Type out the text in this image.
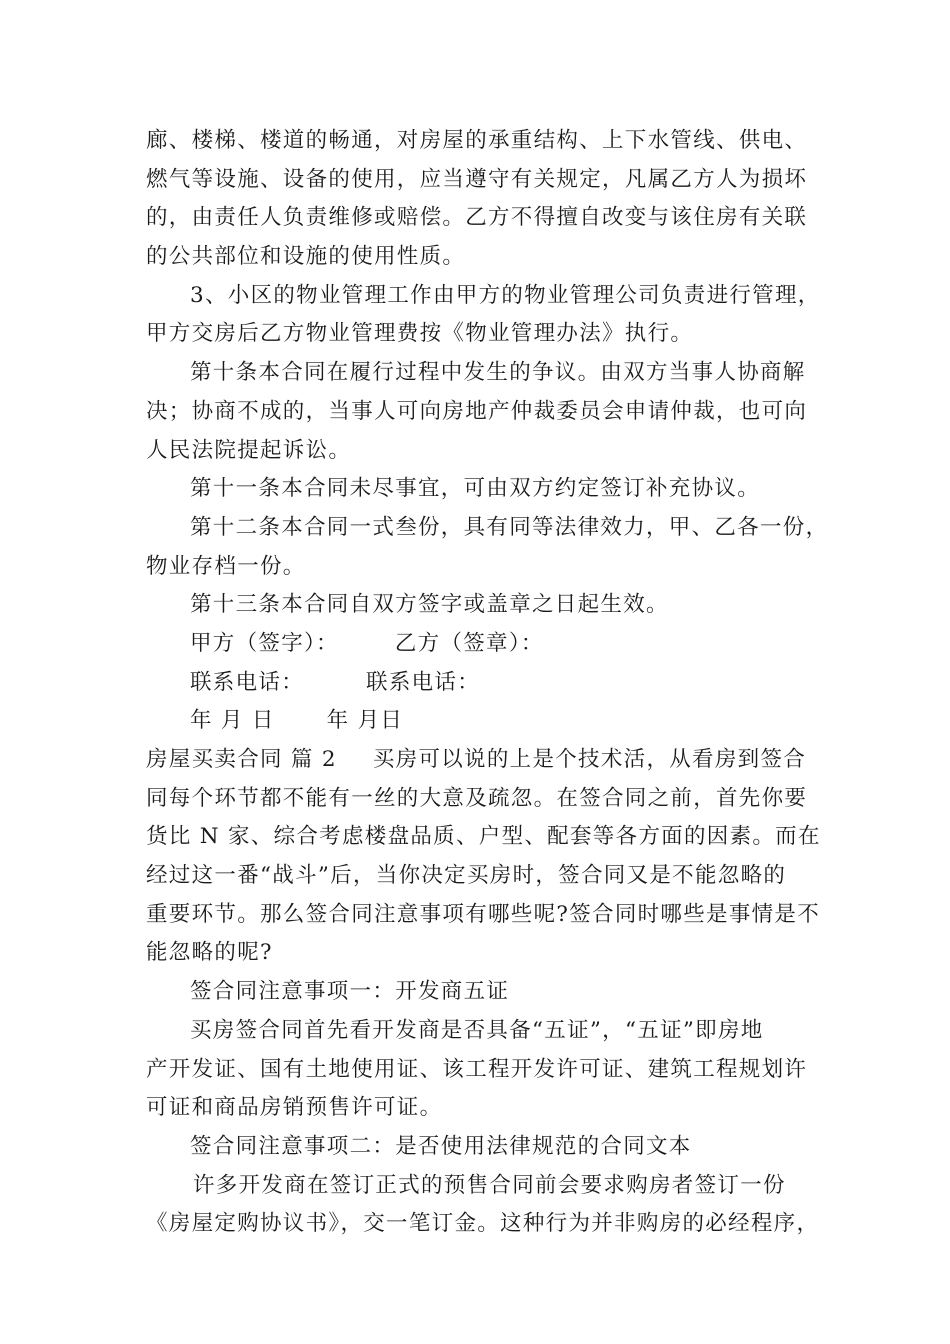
廊、楼梯、楼道的畅通，对房屋的承重结构、上下水管线、供电、
燃气等设施、设备的使用，应当遵守有关规定，凡属乙方人为损坏
的，由责任人负责维修或赔偿。乙方不得擅自改变与该住房有关联
的公共部位和设施的使用性质。
3、小区的物业管理工作由甲方的物业管理公司负责进行管理，
甲方交房后乙方物业管理费按《物业管理办法》执行。
第十条本合同在履行过程中发生的争议。由双方当事人协商解
决；协商不成的，当事人可向房地产仲裁委员会申请仲裁，也可向
人民法院提起诉讼。
第十一条本合同未尽事宜，可由双方约定签订补充协议。
第十二条本合同一式叁份，具有同等法律效力，甲、乙各一份，
物业存档一份。
第十三条本合同自双方签字或盖章之日起生效。
甲方（签字）：	乙方（签章）：
联系电话：	联系电话：
年 月 日 年 月日
房屋买卖合同 篇 2 买房可以说的上是个技术活，从看房到签合
同每个环节都不能有一丝的大意及疏忽。在签合同之前，首先你要
货比 N 家、综合考虑楼盘品质、户型、配套等各方面的因素。而在
经过这一番“战斗”后，当你决定买房时，签合同又是不能忽略的
重要环节。那么签合同注意事项有哪些呢?签合同时哪些是事情是不
能忽略的呢?
签合同注意事项一：开发商五证
买房签合同首先看开发商是否具备“五证”，“五证”即房地
产开发证、国有土地使用证、该工程开发许可证、建筑工程规划许
可证和商品房销预售许可证。
签合同注意事项二：是否使用法律规范的合同文本
许多开发商在签订正式的预售合同前会要求购房者签订一份
《房屋定购协议书》，交一笔订金。这种行为并非购房的必经程序，
